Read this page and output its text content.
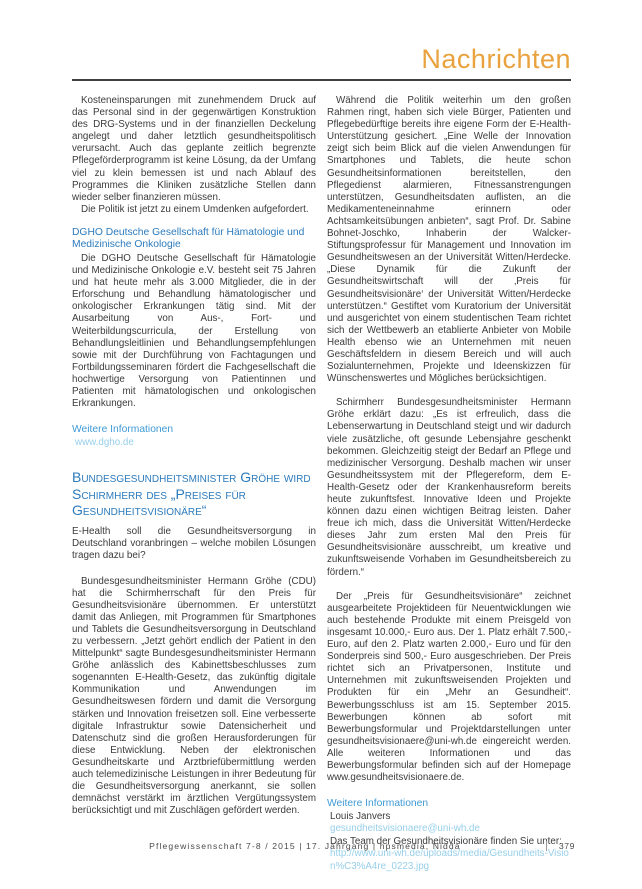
Nachrichten

Kosteneinsparungen mit zunehmendem Druck auf das Personal sind in der gegenwärtigen Konstruktion des DRG-Systems und in der finanziellen Deckelung angelegt und daher letztlich gesundheitspolitisch verursacht. Auch das geplante zeitlich begrenzte Pflegeförderprogramm ist keine Lösung, da der Umfang viel zu klein bemessen ist und nach Ablauf des Programmes die Kliniken zusätzliche Stellen dann wieder selber finanzieren müssen.

Die Politik ist jetzt zu einem Umdenken aufgefordert.

DGHO Deutsche Gesellschaft für Hämatologie und Medizinische Onkologie

Die DGHO Deutsche Gesellschaft für Hämatologie und Medizinische Onkologie e.V. besteht seit 75 Jahren und hat heute mehr als 3.000 Mitglieder, die in der Erforschung und Behandlung hämatologischer und onkologischer Erkrankungen tätig sind. Mit der Ausarbeitung von Aus-, Fort- und Weiterbildungscurricula, der Erstellung von Behandlungsleitlinien und Behandlungsempfehlungen sowie mit der Durchführung von Fachtagungen und Fortbildungsseminaren fördert die Fachgesellschaft die hochwertige Versorgung von Patientinnen und Patienten mit hämatologischen und onkologischen Erkrankungen.

Weitere Informationen
www.dgho.de
Bundesgesundheitsminister Gröhe wird Schirmherr des „Preises für Gesundheitsvisionäre“

E-Health soll die Gesundheitsversorgung in Deutschland voranbringen – welche mobilen Lösungen tragen dazu bei?

Bundesgesundheitsminister Hermann Gröhe (CDU) hat die Schirmherrschaft für den Preis für Gesundheitsvisionäre übernommen. Er unterstützt damit das Anliegen, mit Programmen für Smartphones und Tablets die Gesundheitsversorgung in Deutschland zu verbessern. „Jetzt gehört endlich der Patient in den Mittelpunkt“ sagte Bundesgesundheitsminister Hermann Gröhe anlässlich des Kabinettsbeschlusses zum sogenannten E-Health-Gesetz, das zukünftig digitale Kommunikation und Anwendungen im Gesundheitswesen fördern und damit die Versorgung stärken und Innovation freisetzen soll. Eine verbesserte digitale Infrastruktur sowie Datensicherheit und Datenschutz sind die großen Herausforderungen für diese Entwicklung. Neben der elektronischen Gesundheitskarte und Arztbriefübermittlung werden auch telemedizinische Leistungen in ihrer Bedeutung für die Gesundheitsversorgung anerkannt, sie sollen demnächst verstärkt im ärztlichen Vergütungssystem berücksichtigt und mit Zuschlägen gefördert werden.

Während die Politik weiterhin um den großen Rahmen ringt, haben sich viele Bürger, Patienten und Pflegebedürftige bereits ihre eigene Form der E-Health-Unterstützung gesichert. „Eine Welle der Innovation zeigt sich beim Blick auf die vielen Anwendungen für Smartphones und Tablets, die heute schon Gesundheitsinformationen bereitstellen, den Pflegedienst alarmieren, Fitnessanstrengungen unterstützen, Gesundheitsdaten auflisten, an die Medikamenteneinnahme erinnern oder Achtsamkeitsübungen anbieten“, sagt Prof. Dr. Sabine Bohnet-Joschko, Inhaberin der Walcker-Stiftungsprofessur für Management und Innovation im Gesundheitswesen an der Universität Witten/Herdecke. „Diese Dynamik für die Zukunft der Gesundheitswirtschaft will der ‚Preis für Gesundheitsvisionäre‘ der Universität Witten/Herdecke unterstützen.“ Gestiftet vom Kuratorium der Universität und ausgerichtet von einem studentischen Team richtet sich der Wettbewerb an etablierte Anbieter von Mobile Health ebenso wie an Unternehmen mit neuen Geschäftsfeldern in diesem Bereich und will auch Sozialunternehmen, Projekte und Ideenskizzen für Wünschenswertes und Mögliches berücksichtigen.

Schirmherr Bundesgesundheitsminister Hermann Gröhe erklärt dazu: „Es ist erfreulich, dass die Lebenserwartung in Deutschland steigt und wir dadurch viele zusätzliche, oft gesunde Lebensjahre geschenkt bekommen. Gleichzeitig steigt der Bedarf an Pflege und medizinischer Versorgung. Deshalb machen wir unser Gesundheitssystem mit der Pflegereform, dem E-Health-Gesetz oder der Krankenhausreform bereits heute zukunftsfest. Innovative Ideen und Projekte können dazu einen wichtigen Beitrag leisten. Daher freue ich mich, dass die Universität Witten/Herdecke dieses Jahr zum ersten Mal den Preis für Gesundheitsvisionäre ausschreibt, um kreative und zukunftsweisende Vorhaben im Gesundheitsbereich zu fördern.“

Der „Preis für Gesundheitsvisionäre“ zeichnet ausgearbeitete Projektideen für Neuentwicklungen wie auch bestehende Produkte mit einem Preisgeld von insgesamt 10.000,- Euro aus. Der 1. Platz erhält 7.500,- Euro, auf den 2. Platz warten 2.000,- Euro und für den Sonderpreis sind 500,- Euro ausgeschrieben. Der Preis richtet sich an Privatpersonen, Institute und Unternehmen mit zukunftsweisenden Projekten und Produkten für ein „Mehr an Gesundheit“. Bewerbungsschluss ist am 15. September 2015. Bewerbungen können ab sofort mit Bewerbungsformular und Projektdarstellungen unter gesundheitsvisionaere@uni-wh.de eingereicht werden. Alle weiteren Informationen und das Bewerbungsformular befinden sich auf der Homepage www.gesundheitsvisionaere.de.

Weitere Informationen
Louis Janvers
gesundheitsvisionaere@uni-wh.de
Das Team der Gesundheitsvisionäre finden Sie unter:
http://www.uni-wh.de/uploads/media/Gesundheits-Vision%C3%A4re_0223.jpg
Pflegewissenschaft 7-8 / 2015 | 17. Jahrgang | hpsmedia, Nidda	379
